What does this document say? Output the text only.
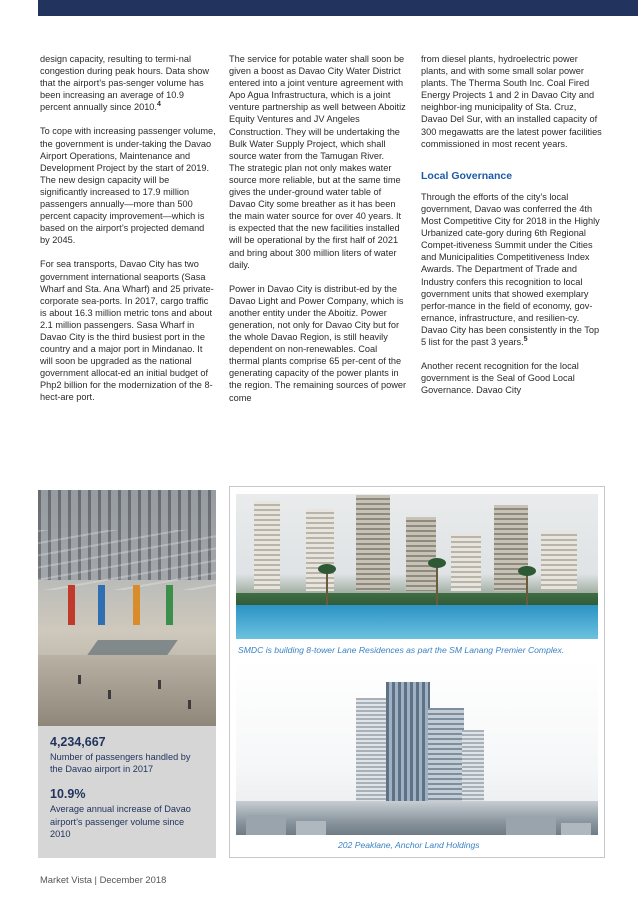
design capacity, resulting to termi-nal congestion during peak hours. Data show that the airport’s pas-senger volume has been increasing an average of 10.9 percent annually since 2010.$^4$

To cope with increasing passenger volume, the government is under-taking the Davao Airport Operations, Maintenance and Development Project by the start of 2019. The new design capacity will be significantly increased to 17.9 million passengers annually—more than 500 percent capacity improvement—which is based on the airport’s projected demand by 2045.

For sea transports, Davao City has two government international seaports (Sasa Wharf and Sta. Ana Wharf) and 25 private-corporate sea-ports. In 2017, cargo traffic is about 16.3 million metric tons and about 2.1 million passengers. Sasa Wharf in Davao City is the third busiest port in the country and a major port in Mindanao. It will soon be upgraded as the national government allocat-ed an initial budget of Php2 billion for the modernization of the 8-hect-are port.

The service for potable water shall soon be given a boost as Davao City Water District entered into a joint venture agreement with Apo Agua Infrastructura, which is a joint venture partnership as well between Aboitiz Equity Ventures and JV Angeles Construction. They will be undertaking the Bulk Water Supply Project, which shall source water from the Tamugan River.

The strategic plan not only makes water source more reliable, but at the same time gives the under-ground water table of Davao City some breather as it has been the main water source for over 40 years. It is expected that the new facilities installed will be operational by the first half of 2021 and bring about 300 million liters of water daily.

Power in Davao City is distribut-ed by the Davao Light and Power Company, which is another entity under the Aboitiz. Power generation, not only for Davao City but for the whole Davao Region, is still heavily dependent on non-renewables. Coal thermal plants comprise 65 per-cent of the generating capacity of the power plants in the region. The remaining sources of power come

from diesel plants, hydroelectric power plants, and with some small solar power plants. The Therma South Inc. Coal Fired Energy Projects 1 and 2 in Davao City and neighbor-ing municipality of Sta. Cruz, Davao Del Sur, with an installed capacity of 300 megawatts are the latest power facilities commissioned in most recent years.

Local Governance

Through the efforts of the city’s local government, Davao was conferred the 4th Most Competitive City for 2018 in the Highly Urbanized cate-gory during 6th Regional Compet-itiveness Summit under the Cities and Municipalities Competitiveness Index Awards. The Department of Trade and Industry confers this recognition to local government units that showed exemplary perfor-mance in the field of economy, gov-ernance, infrastructure, and resilien-cy. Davao City has been consistently in the Top 5 list for the past 3 years.$^5$

Another recent recognition for the local government is the Seal of Good Local Governance. Davao City

4,234,667
Number of passengers handled by the Davao airport in 2017
10.9%
Average annual increase of Davao airport’s passenger volume since 2010
SMDC is building 8-tower Lane Residences as part the SM Lanang Premier Complex.
202 Peaklane, Anchor Land Holdings
Market Vista | December 2018
